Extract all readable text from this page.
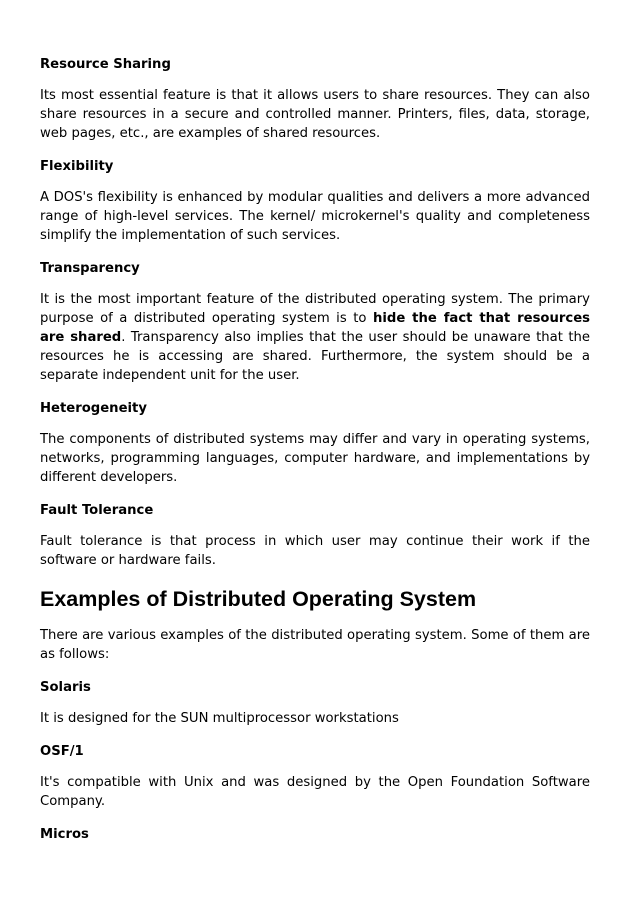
Resource Sharing

Its most essential feature is that it allows users to share resources. They can also share resources in a secure and controlled manner. Printers, files, data, storage, web pages, etc., are examples of shared resources.

Flexibility

A DOS's flexibility is enhanced by modular qualities and delivers a more advanced range of high-level services. The kernel/ microkernel's quality and completeness simplify the implementation of such services.

Transparency

It is the most important feature of the distributed operating system. The primary purpose of a distributed operating system is to hide the fact that resources are shared. Transparency also implies that the user should be unaware that the resources he is accessing are shared. Furthermore, the system should be a separate independent unit for the user.

Heterogeneity

The components of distributed systems may differ and vary in operating systems, networks, programming languages, computer hardware, and implementations by different developers.

Fault Tolerance

Fault tolerance is that process in which user may continue their work if the software or hardware fails.

Examples of Distributed Operating System

There are various examples of the distributed operating system. Some of them are as follows:

Solaris

It is designed for the SUN multiprocessor workstations

OSF/1

It's compatible with Unix and was designed by the Open Foundation Software Company.

Micros
